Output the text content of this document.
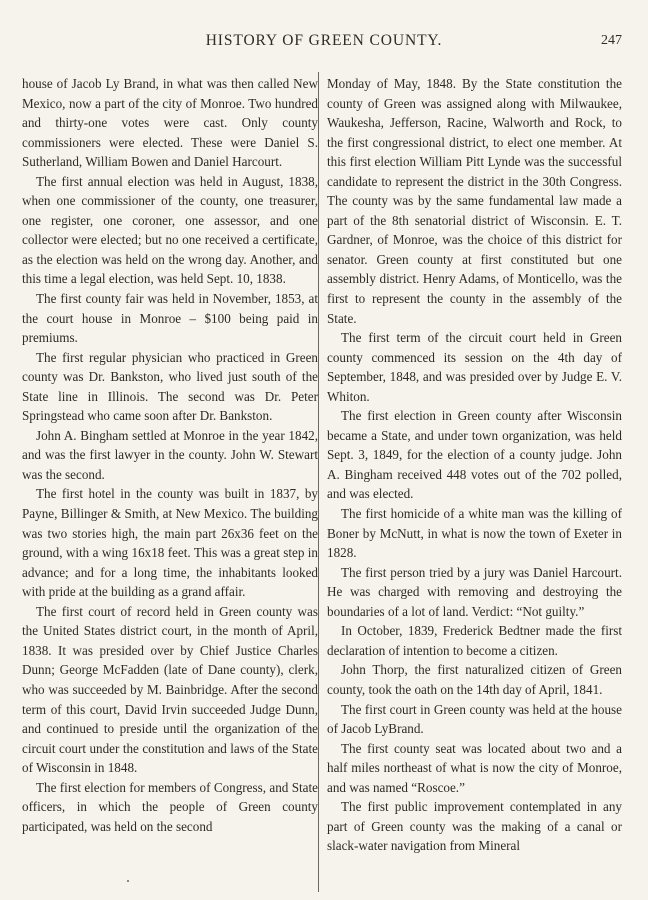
HISTORY OF GREEN COUNTY.	247

house of Jacob Ly Brand, in what was then called New Mexico, now a part of the city of Monroe. Two hundred and thirty-one votes were cast. Only county commissioners were elected. These were Daniel S. Sutherland, William Bowen and Daniel Harcourt.

The first annual election was held in August, 1838, when one commissioner of the county, one treasurer, one register, one coroner, one assessor, and one collector were elected; but no one received a certificate, as the election was held on the wrong day. Another, and this time a legal election, was held Sept. 10, 1838.

The first county fair was held in November, 1853, at the court house in Monroe – $100 being paid in premiums.

The first regular physician who practiced in Green county was Dr. Bankston, who lived just south of the State line in Illinois. The second was Dr. Peter Springstead who came soon after Dr. Bankston.

John A. Bingham settled at Monroe in the year 1842, and was the first lawyer in the county. John W. Stewart was the second.

The first hotel in the county was built in 1837, by Payne, Billinger & Smith, at New Mexico. The building was two stories high, the main part 26x36 feet on the ground, with a wing 16x18 feet. This was a great step in advance; and for a long time, the inhabitants looked with pride at the building as a grand affair.

The first court of record held in Green county was the United States district court, in the month of April, 1838. It was presided over by Chief Justice Charles Dunn; George McFadden (late of Dane county), clerk, who was succeeded by M. Bainbridge. After the second term of this court, David Irvin succeeded Judge Dunn, and continued to preside until the organization of the circuit court under the constitution and laws of the State of Wisconsin in 1848.

The first election for members of Congress, and State officers, in which the people of Green county participated, was held on the second

Monday of May, 1848. By the State constitution the county of Green was assigned along with Milwaukee, Waukesha, Jefferson, Racine, Walworth and Rock, to the first congressional district, to elect one member. At this first election William Pitt Lynde was the successful candidate to represent the district in the 30th Congress. The county was by the same fundamental law made a part of the 8th senatorial district of Wisconsin. E. T. Gardner, of Monroe, was the choice of this district for senator. Green county at first constituted but one assembly district. Henry Adams, of Monticello, was the first to represent the county in the assembly of the State.

The first term of the circuit court held in Green county commenced its session on the 4th day of September, 1848, and was presided over by Judge E. V. Whiton.

The first election in Green county after Wisconsin became a State, and under town organization, was held Sept. 3, 1849, for the election of a county judge. John A. Bingham received 448 votes out of the 702 polled, and was elected.

The first homicide of a white man was the killing of Boner by McNutt, in what is now the town of Exeter in 1828.

The first person tried by a jury was Daniel Harcourt. He was charged with removing and destroying the boundaries of a lot of land. Verdict: “Not guilty.”

In October, 1839, Frederick Bedtner made the first declaration of intention to become a citizen.

John Thorp, the first naturalized citizen of Green county, took the oath on the 14th day of April, 1841.

The first court in Green county was held at the house of Jacob LyBrand.

The first county seat was located about two and a half miles northeast of what is now the city of Monroe, and was named “Roscoe.”

The first public improvement contemplated in any part of Green county was the making of a canal or slack-water navigation from Mineral
